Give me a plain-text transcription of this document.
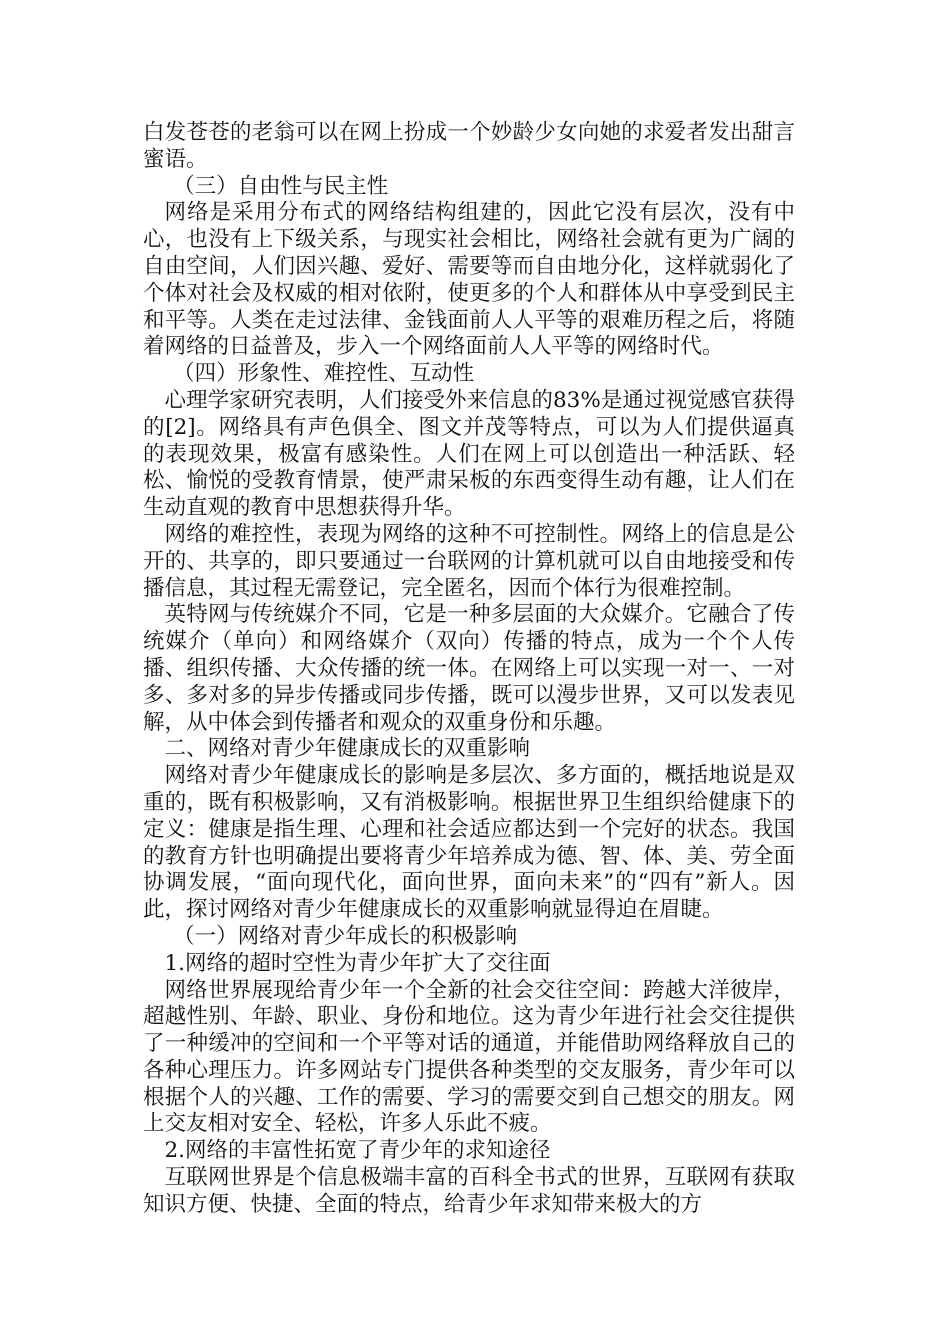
白发苍苍的老翁可以在网上扮成一个妙龄少女向她的求爱者发出甜言蜜语。

（三）自由性与民主性

网络是采用分布式的网络结构组建的，因此它没有层次，没有中心，也没有上下级关系，与现实社会相比，网络社会就有更为广阔的自由空间，人们因兴趣、爱好、需要等而自由地分化，这样就弱化了个体对社会及权威的相对依附，使更多的个人和群体从中享受到民主和平等。人类在走过法律、金钱面前人人平等的艰难历程之后，将随着网络的日益普及，步入一个网络面前人人平等的网络时代。

（四）形象性、难控性、互动性

心理学家研究表明，人们接受外来信息的83%是通过视觉感官获得的[2]。网络具有声色俱全、图文并茂等特点，可以为人们提供逼真的表现效果，极富有感染性。人们在网上可以创造出一种活跃、轻松、愉悦的受教育情景，使严肃呆板的东西变得生动有趣，让人们在生动直观的教育中思想获得升华。

网络的难控性，表现为网络的这种不可控制性。网络上的信息是公开的、共享的，即只要通过一台联网的计算机就可以自由地接受和传播信息，其过程无需登记，完全匿名，因而个体行为很难控制。

英特网与传统媒介不同，它是一种多层面的大众媒介。它融合了传统媒介（单向）和网络媒介（双向）传播的特点，成为一个个人传播、组织传播、大众传播的统一体。在网络上可以实现一对一、一对多、多对多的异步传播或同步传播，既可以漫步世界，又可以发表见解，从中体会到传播者和观众的双重身份和乐趣。

二、网络对青少年健康成长的双重影响

网络对青少年健康成长的影响是多层次、多方面的，概括地说是双重的，既有积极影响，又有消极影响。根据世界卫生组织给健康下的定义：健康是指生理、心理和社会适应都达到一个完好的状态。我国的教育方针也明确提出要将青少年培养成为德、智、体、美、劳全面协调发展，“面向现代化，面向世界，面向未来”的“四有”新人。因此，探讨网络对青少年健康成长的双重影响就显得迫在眉睫。

（一）网络对青少年成长的积极影响

1.网络的超时空性为青少年扩大了交往面

网络世界展现给青少年一个全新的社会交往空间：跨越大洋彼岸，超越性别、年龄、职业、身份和地位。这为青少年进行社会交往提供了一种缓冲的空间和一个平等对话的通道，并能借助网络释放自己的各种心理压力。许多网站专门提供各种类型的交友服务，青少年可以根据个人的兴趣、工作的需要、学习的需要交到自己想交的朋友。网上交友相对安全、轻松，许多人乐此不疲。

2.网络的丰富性拓宽了青少年的求知途径

互联网世界是个信息极端丰富的百科全书式的世界，互联网有获取知识方便、快捷、全面的特点，给青少年求知带来极大的方
